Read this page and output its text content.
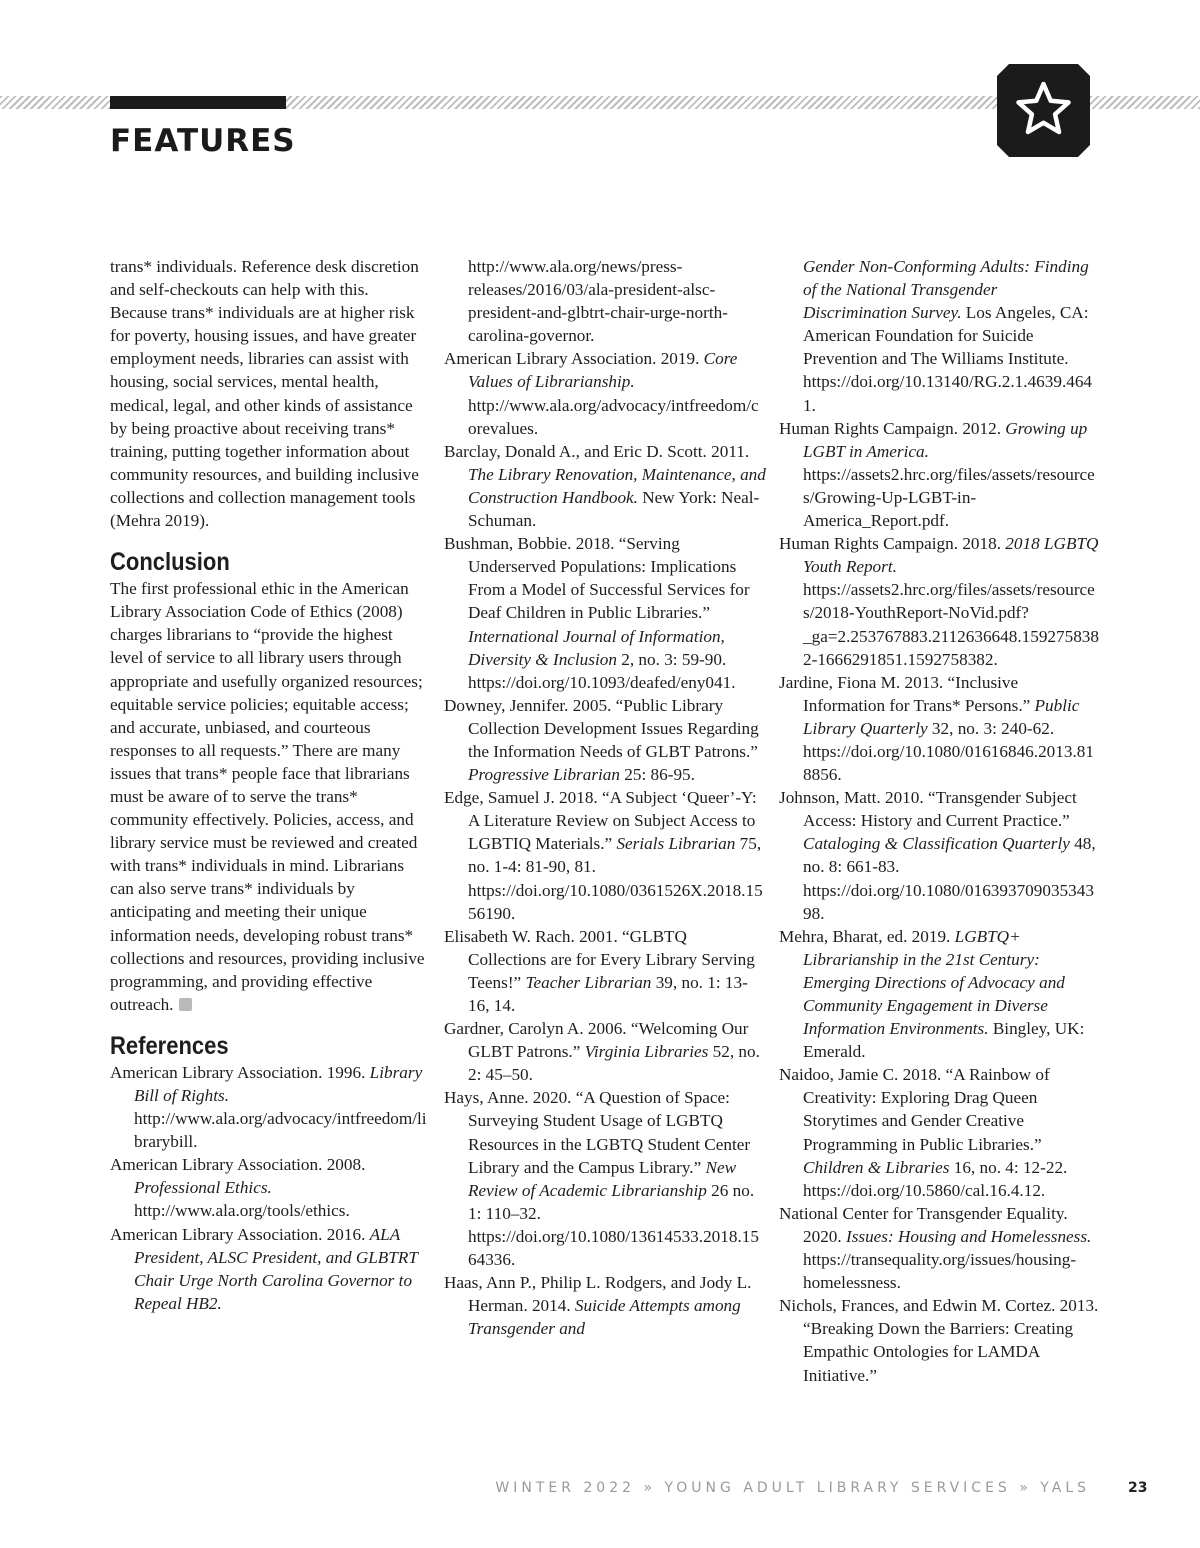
FEATURES

trans* individuals. Reference desk discretion and self-checkouts can help with this. Because trans* individuals are at higher risk for poverty, housing issues, and have greater employment needs, libraries can assist with housing, social services, mental health, medical, legal, and other kinds of assistance by being proactive about receiving trans* training, putting together information about community resources, and building inclusive collections and collection management tools (Mehra 2019).

Conclusion

The first professional ethic in the American Library Association Code of Ethics (2008) charges librarians to “provide the highest level of service to all library users through appropriate and usefully organized resources; equitable service policies; equitable access; and accurate, unbiased, and courteous responses to all requests.” There are many issues that trans* people face that librarians must be aware of to serve the trans* community effectively. Policies, access, and library service must be reviewed and created with trans* individuals in mind. Librarians can also serve trans* individuals by anticipating and meeting their unique information needs, developing robust trans* collections and resources, providing inclusive programming, and providing effective outreach.

References

American Library Association. 1996. Library Bill of Rights. http://www.ala.org/advocacy/intfreedom/librarybill.

American Library Association. 2008. Professional Ethics. http://www.ala.org/tools/ethics.

American Library Association. 2016. ALA President, ALSC President, and GLBTRT Chair Urge North Carolina Governor to Repeal HB2.

http://www.ala.org/news/press-releases/2016/03/ala-president-alsc-president-and-glbtrt-chair-urge-north-carolina-governor.

American Library Association. 2019. Core Values of Librarianship. http://www.ala.org/advocacy/intfreedom/corevalues.

Barclay, Donald A., and Eric D. Scott. 2011. The Library Renovation, Maintenance, and Construction Handbook. New York: Neal-Schuman.

Bushman, Bobbie. 2018. “Serving Underserved Populations: Implications From a Model of Successful Services for Deaf Children in Public Libraries.” International Journal of Information, Diversity & Inclusion 2, no. 3: 59-90. https://doi.org/10.1093/deafed/eny041.

Downey, Jennifer. 2005. “Public Library Collection Development Issues Regarding the Information Needs of GLBT Patrons.” Progressive Librarian 25: 86-95.

Edge, Samuel J. 2018. “A Subject ‘Queer’-Y: A Literature Review on Subject Access to LGBTIQ Materials.” Serials Librarian 75, no. 1-4: 81-90, 81. https://doi.org/10.1080/0361526X.2018.1556190.

Elisabeth W. Rach. 2001. “GLBTQ Collections are for Every Library Serving Teens!” Teacher Librarian 39, no. 1: 13-16, 14.

Gardner, Carolyn A. 2006. “Welcoming Our GLBT Patrons.” Virginia Libraries 52, no. 2: 45–50.

Hays, Anne. 2020. “A Question of Space: Surveying Student Usage of LGBTQ Resources in the LGBTQ Student Center Library and the Campus Library.” New Review of Academic Librarianship 26 no. 1: 110–32. https://doi.org/10.1080/13614533.2018.1564336.

Haas, Ann P., Philip L. Rodgers, and Jody L. Herman. 2014. Suicide Attempts among Transgender and

Gender Non-Conforming Adults: Finding of the National Transgender Discrimination Survey. Los Angeles, CA: American Foundation for Suicide Prevention and The Williams Institute. https://doi.org/10.13140/RG.2.1.4639.4641.

Human Rights Campaign. 2012. Growing up LGBT in America. https://assets2.hrc.org/files/assets/resources/Growing-Up-LGBT-in-America_Report.pdf.

Human Rights Campaign. 2018. 2018 LGBTQ Youth Report. https://assets2.hrc.org/files/assets/resources/2018-YouthReport-NoVid.pdf?_ga=2.253767883.2112636648.1592758382-1666291851.1592758382.

Jardine, Fiona M. 2013. “Inclusive Information for Trans* Persons.” Public Library Quarterly 32, no. 3: 240-62. https://doi.org/10.1080/01616846.2013.818856.

Johnson, Matt. 2010. “Transgender Subject Access: History and Current Practice.” Cataloging & Classification Quarterly 48, no. 8: 661-83. https://doi.org/10.1080/01639370903534398.

Mehra, Bharat, ed. 2019. LGBTQ+ Librarianship in the 21st Century: Emerging Directions of Advocacy and Community Engagement in Diverse Information Environments. Bingley, UK: Emerald.

Naidoo, Jamie C. 2018. “A Rainbow of Creativity: Exploring Drag Queen Storytimes and Gender Creative Programming in Public Libraries.” Children & Libraries 16, no. 4: 12-22. https://doi.org/10.5860/cal.16.4.12.

National Center for Transgender Equality. 2020. Issues: Housing and Homelessness. https://transequality.org/issues/housing-homelessness.

Nichols, Frances, and Edwin M. Cortez. 2013. “Breaking Down the Barriers: Creating Empathic Ontologies for LAMDA Initiative.”

WINTER 2022 » YOUNG ADULT LIBRARY SERVICES » YALS	23
